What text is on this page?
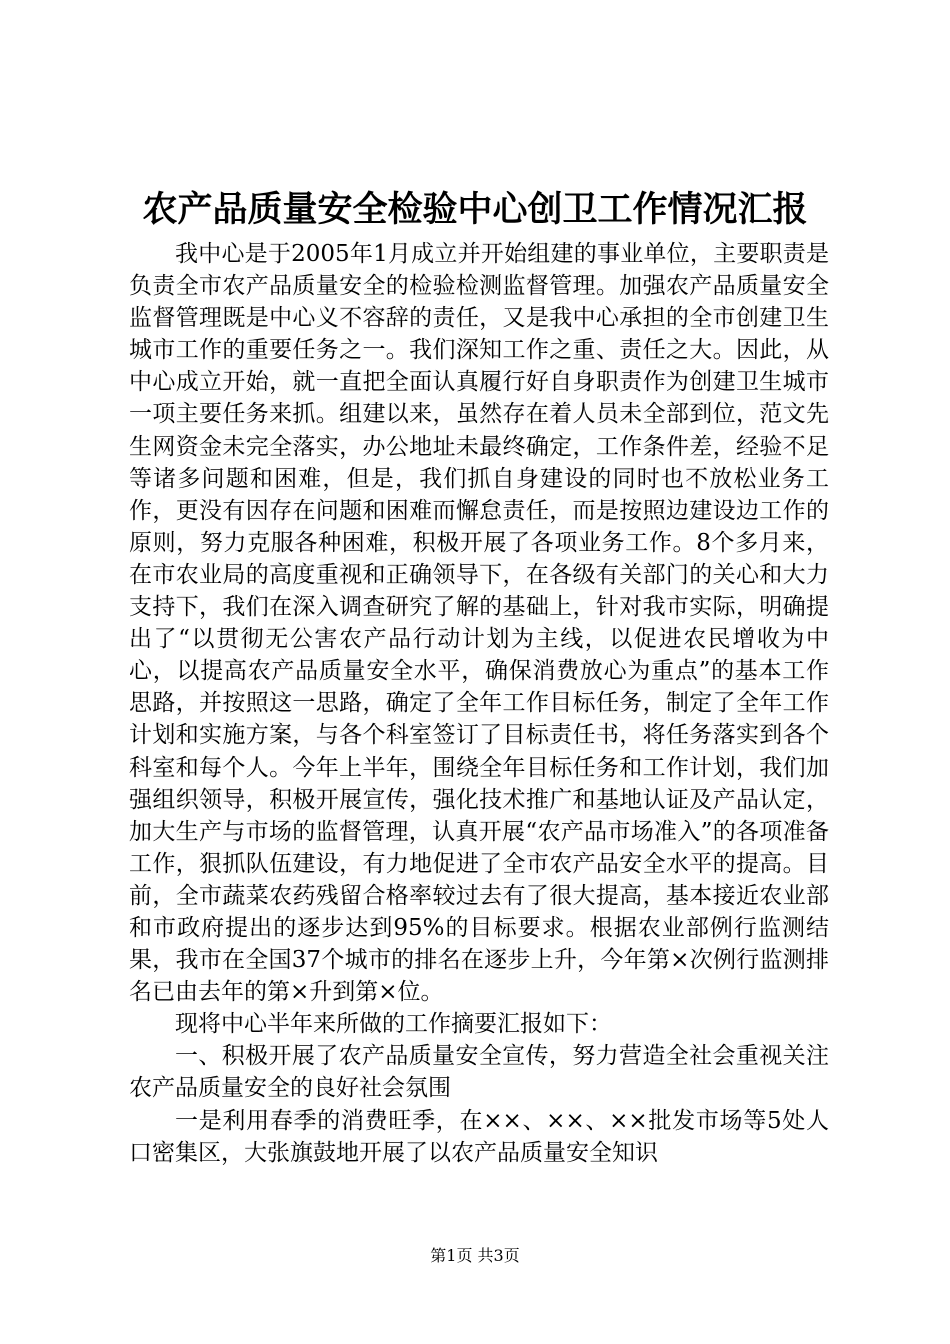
农产品质量安全检验中心创卫工作情况汇报

我中心是于2005年1月成立并开始组建的事业单位，主要职责是负责全市农产品质量安全的检验检测监督管理。加强农产品质量安全监督管理既是中心义不容辞的责任，又是我中心承担的全市创建卫生城市工作的重要任务之一。我们深知工作之重、责任之大。因此，从中心成立开始，就一直把全面认真履行好自身职责作为创建卫生城市一项主要任务来抓。组建以来，虽然存在着人员未全部到位，范文先生网资金未完全落实，办公地址未最终确定，工作条件差，经验不足等诸多问题和困难，但是，我们抓自身建设的同时也不放松业务工作，更没有因存在问题和困难而懈怠责任，而是按照边建设边工作的原则，努力克服各种困难，积极开展了各项业务工作。8个多月来，在市农业局的高度重视和正确领导下，在各级有关部门的关心和大力支持下，我们在深入调查研究了解的基础上，针对我市实际，明确提出了“以贯彻无公害农产品行动计划为主线，以促进农民增收为中心，以提高农产品质量安全水平，确保消费放心为重点”的基本工作思路，并按照这一思路，确定了全年工作目标任务，制定了全年工作计划和实施方案，与各个科室签订了目标责任书，将任务落实到各个科室和每个人。今年上半年，围绕全年目标任务和工作计划，我们加强组织领导，积极开展宣传，强化技术推广和基地认证及产品认定，加大生产与市场的监督管理，认真开展“农产品市场准入”的各项准备工作，狠抓队伍建设，有力地促进了全市农产品安全水平的提高。目前，全市蔬菜农药残留合格率较过去有了很大提高，基本接近农业部和市政府提出的逐步达到95%的目标要求。根据农业部例行监测结果，我市在全国37个城市的排名在逐步上升，今年第×次例行监测排名已由去年的第×升到第×位。

现将中心半年来所做的工作摘要汇报如下：

一、积极开展了农产品质量安全宣传，努力营造全社会重视关注农产品质量安全的良好社会氛围

一是利用春季的消费旺季，在××、××、××批发市场等5处人口密集区，大张旗鼓地开展了以农产品质量安全知识

第1页 共3页
